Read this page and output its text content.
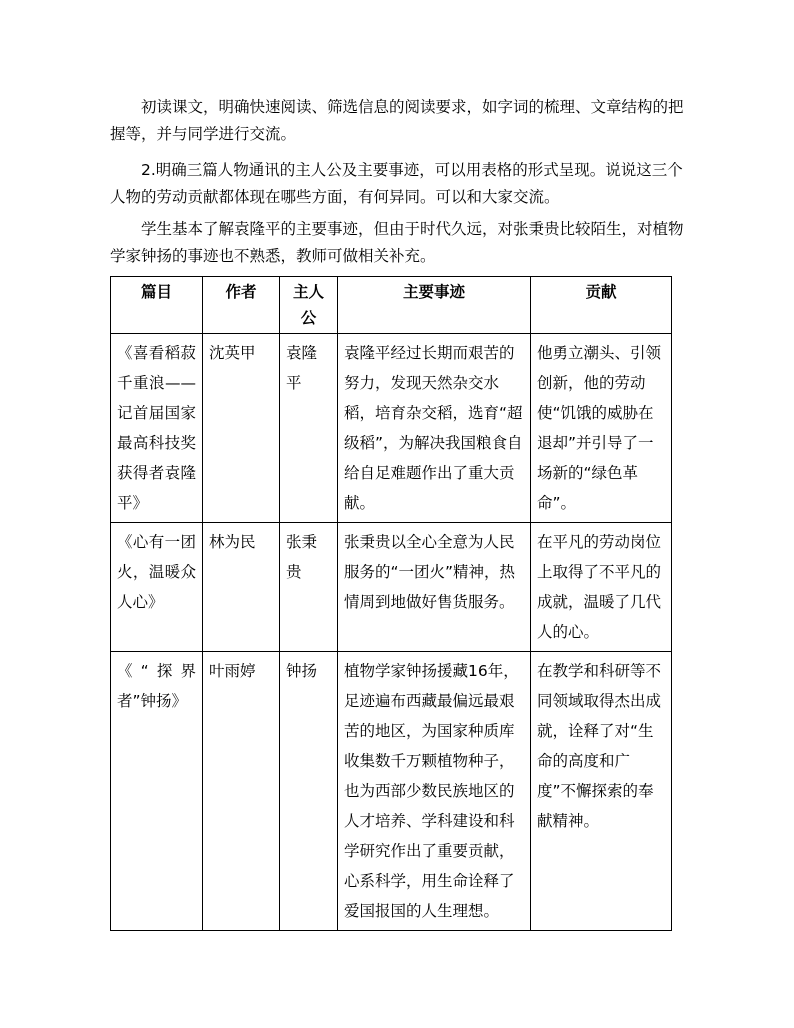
初读课文，明确快速阅读、筛选信息的阅读要求，如字词的梳理、文章结构的把握等，并与同学进行交流。

2.明确三篇人物通讯的主人公及主要事迹，可以用表格的形式呈现。说说这三个人物的劳动贡献都体现在哪些方面，有何异同。可以和大家交流。

学生基本了解袁隆平的主要事迹，但由于时代久远，对张秉贵比较陌生，对植物学家钟扬的事迹也不熟悉，教师可做相关补充。

篇目	作者	主人公	主要事迹	贡献
《喜看稻菽千重浪——记首届国家最高科技奖获得者袁隆平》	沈英甲	袁隆平	袁隆平经过长期而艰苦的努力，发现天然杂交水稻，培育杂交稻，选育“超级稻”，为解决我国粮食自给自足难题作出了重大贡献。	他勇立潮头、引领创新，他的劳动使“饥饿的威胁在退却”并引导了一场新的“绿色革命”。
《心有一团火，温暖众人心》	林为民	张秉贵	张秉贵以全心全意为人民服务的“一团火”精神，热情周到地做好售货服务。	在平凡的劳动岗位上取得了不平凡的成就，温暖了几代人的心。
《“探界者”钟扬》	叶雨婷	钟扬	植物学家钟扬援藏16年，足迹遍布西藏最偏远最艰苦的地区，为国家种质库收集数千万颗植物种子，也为西部少数民族地区的人才培养、学科建设和科学研究作出了重要贡献，心系科学，用生命诠释了爱国报国的人生理想。	在教学和科研等不同领域取得杰出成就，诠释了对“生命的高度和广度”不懈探索的奉献精神。
